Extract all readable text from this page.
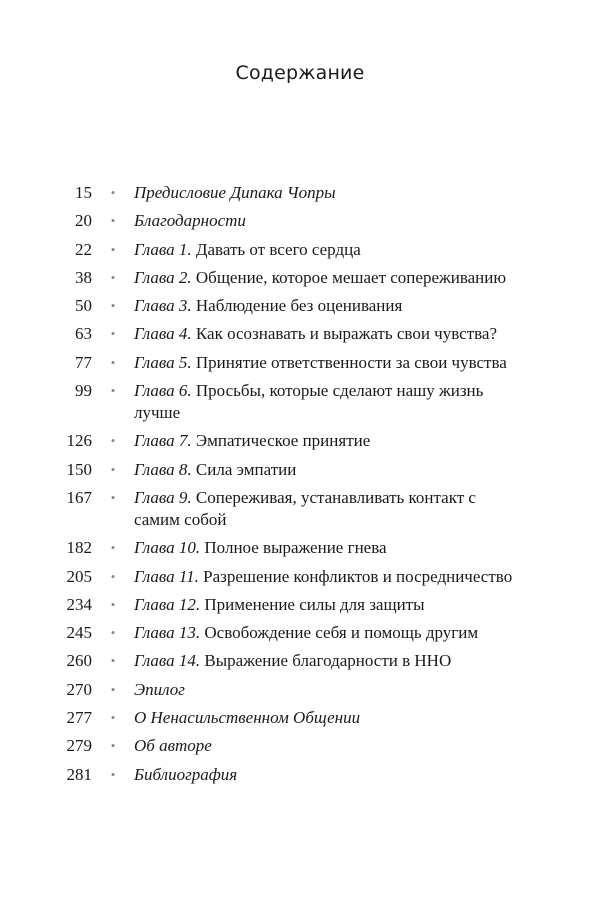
Содержание
15	•	Предисловие Дипака Чопры
20	•	Благодарности
22	•	Глава 1. Давать от всего сердца
38	•	Глава 2. Общение, которое мешает сопереживанию
50	•	Глава 3. Наблюдение без оценивания
63	•	Глава 4. Как осознавать и выражать свои чувства?
77	•	Глава 5. Принятие ответственности за свои чувства
99	•	Глава 6. Просьбы, которые сделают нашу жизнь лучше
126	•	Глава 7. Эмпатическое принятие
150	•	Глава 8. Сила эмпатии
167	•	Глава 9. Сопереживая, устанавливать контакт с самим собой
182	•	Глава 10. Полное выражение гнева
205	•	Глава 11. Разрешение конфликтов и посредничество
234	•	Глава 12. Применение силы для защиты
245	•	Глава 13. Освобождение себя и помощь другим
260	•	Глава 14. Выражение благодарности в ННО
270	•	Эпилог
277	•	О Ненасильственном Общении
279	•	Об авторе
281	•	Библиография
